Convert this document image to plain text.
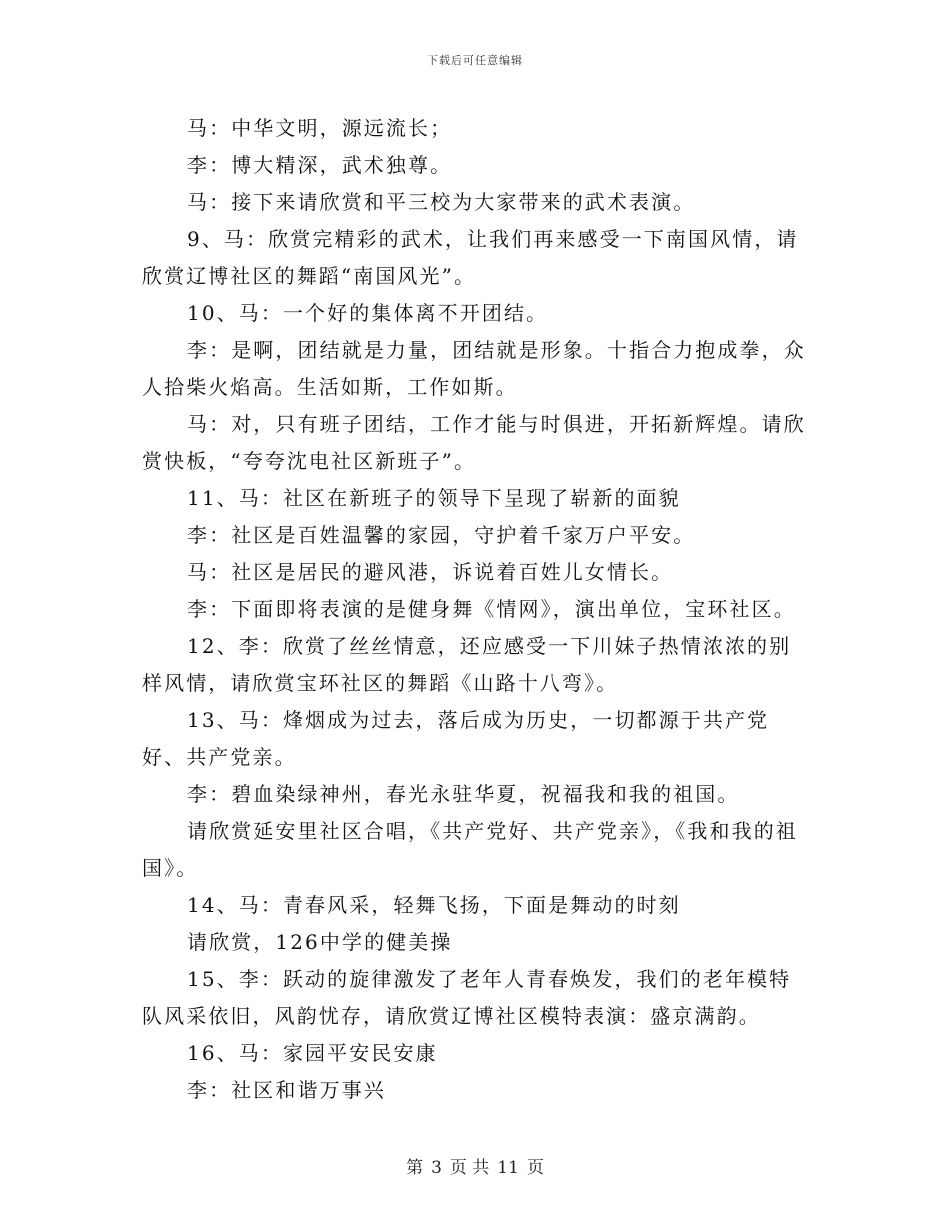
下载后可任意编辑

马：中华文明，源远流长；

李：博大精深，武术独尊。

马：接下来请欣赏和平三校为大家带来的武术表演。

9、马：欣赏完精彩的武术，让我们再来感受一下南国风情，请欣赏辽博社区的舞蹈“南国风光”。

10、马：一个好的集体离不开团结。

李：是啊，团结就是力量，团结就是形象。十指合力抱成拳，众人拾柴火焰高。生活如斯，工作如斯。

马：对，只有班子团结，工作才能与时俱进，开拓新辉煌。请欣赏快板，“夸夸沈电社区新班子”。

11、马：社区在新班子的领导下呈现了崭新的面貌

李：社区是百姓温馨的家园，守护着千家万户平安。

马：社区是居民的避风港，诉说着百姓儿女情长。

李：下面即将表演的是健身舞《情网》，演出单位，宝环社区。

12、李：欣赏了丝丝情意，还应感受一下川妹子热情浓浓的别样风情，请欣赏宝环社区的舞蹈《山路十八弯》。

13、马：烽烟成为过去，落后成为历史，一切都源于共产党好、共产党亲。

李：碧血染绿神州，春光永驻华夏，祝福我和我的祖国。

请欣赏延安里社区合唱，《共产党好、共产党亲》，《我和我的祖国》。

14、马：青春风采，轻舞飞扬，下面是舞动的时刻

请欣赏，126中学的健美操

15、李：跃动的旋律激发了老年人青春焕发，我们的老年模特队风采依旧，风韵忧存，请欣赏辽博社区模特表演：盛京满韵。

16、马：家园平安民安康

李：社区和谐万事兴

第 3 页 共 11 页
